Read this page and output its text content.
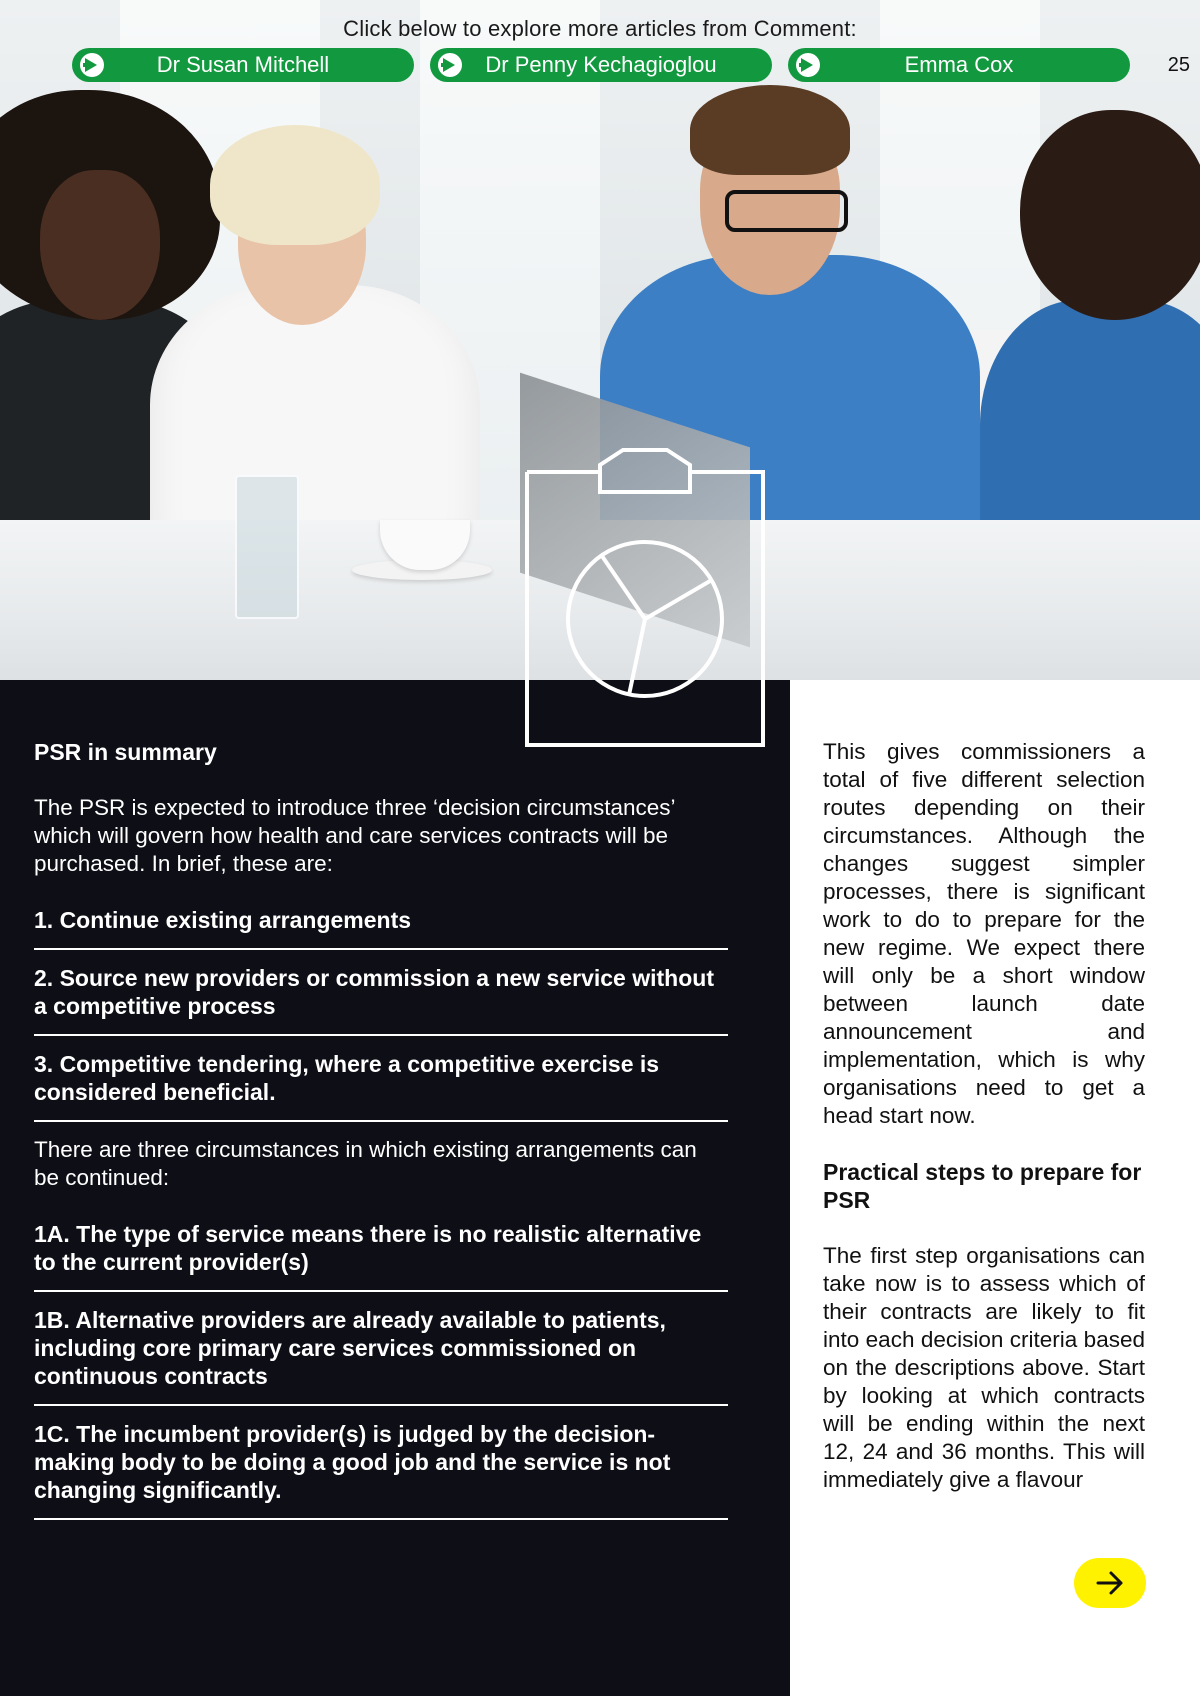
Click below to explore more articles from Comment:
Dr Susan Mitchell	Dr Penny Kechagioglou	Emma Cox	25

PSR in summary

The PSR is expected to introduce three ‘decision circumstances’ which will govern how health and care services contracts will be purchased. In brief, these are:

1. Continue existing arrangements
2. Source new providers or commission a new service without a competitive process
3. Competitive tendering, where a competitive exercise is considered beneficial.

There are three circumstances in which existing arrangements can be continued:

1A. The type of service means there is no realistic alternative to the current provider(s)
1B. Alternative providers are already available to patients, including core primary care services commissioned on continuous contracts
1C. The incumbent provider(s) is judged by the decision-making body to be doing a good job and the service is not changing significantly.

This gives commissioners a total of five different selection routes depending on their circumstances. Although the changes suggest simpler processes, there is significant work to do to prepare for the new regime. We expect there will only be a short window between launch date announcement and implementation, which is why organisations need to get a head start now.

Practical steps to prepare for PSR

The first step organisations can take now is to assess which of their contracts are likely to fit into each decision criteria based on the descriptions above. Start by looking at which contracts will be ending within the next 12, 24 and 36 months. This will immediately give a flavour
